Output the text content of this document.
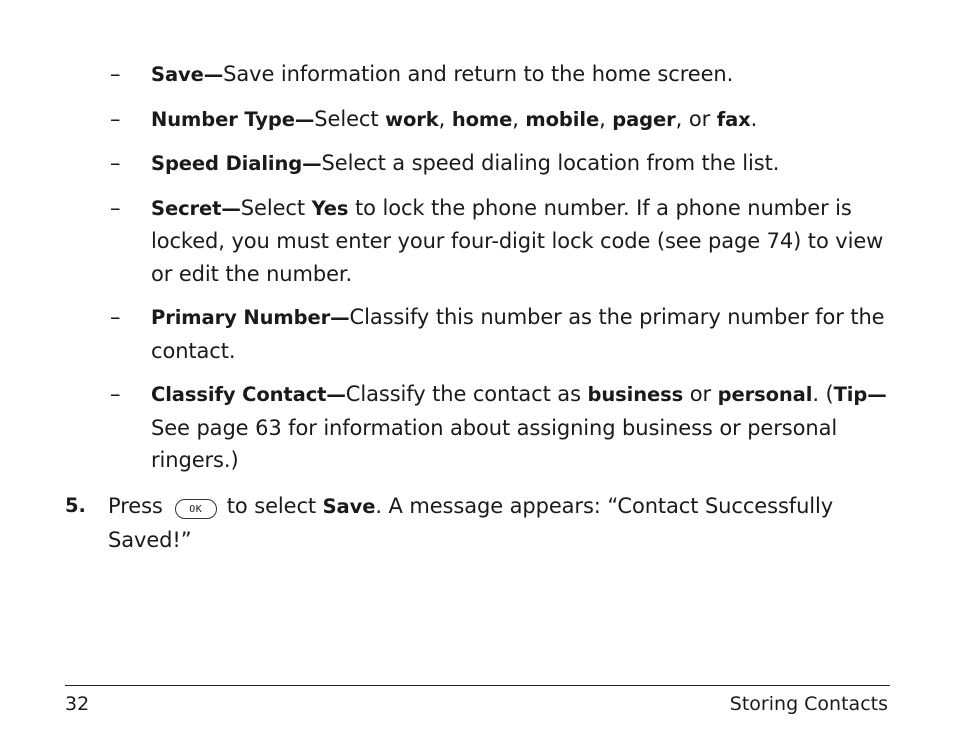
– Save—Save information and return to the home screen.
– Number Type—Select work, home, mobile, pager, or fax.
– Speed Dialing—Select a speed dialing location from the list.
– Secret—Select Yes to lock the phone number. If a phone number is locked, you must enter your four-digit lock code (see page 74) to view or edit the number.
– Primary Number—Classify this number as the primary number for the contact.
– Classify Contact—Classify the contact as business or personal. (Tip—See page 63 for information about assigning business or personal ringers.)
5. Press	OK to select Save. A message appears: “Contact Successfully Saved!”
32	Storing Contacts
